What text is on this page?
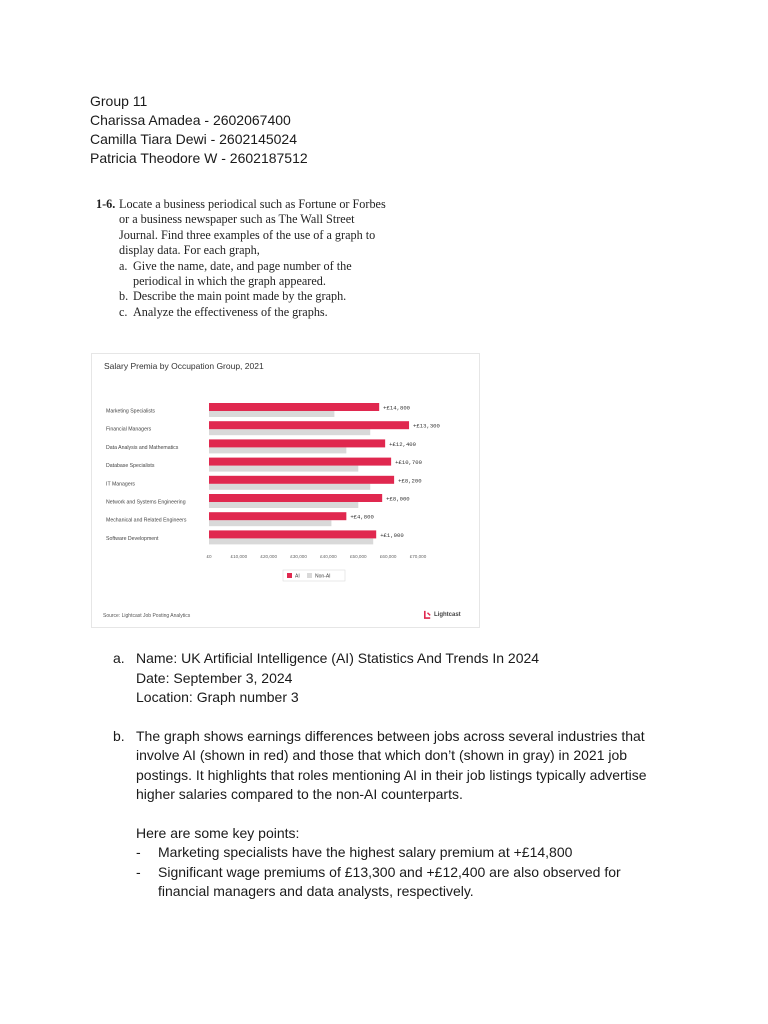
Group 11
Charissa Amadea - 2602067400
Camilla Tiara Dewi - 2602145024
Patricia Theodore W - 2602187512
1-6. Locate a business periodical such as Fortune or Forbes
or a business newspaper such as The Wall Street
Journal. Find three examples of the use of a graph to
display data. For each graph,
a. Give the name, date, and page number of the
periodical in which the graph appeared.
b. Describe the main point made by the graph.
c. Analyze the effectiveness of the graphs.
Salary Premia by Occupation Group, 2021
Marketing Specialists	+£14,800
Financial Managers	+£13,300
Data Analysis and Mathematics	+£12,400
Database Specialists	+£10,700
IT Managers	+£8,200
Network and Systems Engineering	+£8,000
Mechanical and Related Engineers	+£4,800
Software Development	+£1,000
£0	£10,000	£20,000	£30,000	£40,000	£50,000	£60,000	£70,000
AI	Non-AI
Source: Lightcast Job Posting Analytics	Lightcast
a. Name: UK Artificial Intelligence (AI) Statistics And Trends In 2024
Date: September 3, 2024
Location: Graph number 3
b. The graph shows earnings differences between jobs across several industries that involve AI (shown in red) and those that which don’t (shown in gray) in 2021 job postings. It highlights that roles mentioning AI in their job listings typically advertise higher salaries compared to the non-AI counterparts.
Here are some key points:
-	Marketing specialists have the highest salary premium at +£14,800
-	Significant wage premiums of £13,300 and +£12,400 are also observed for financial managers and data analysts, respectively.
